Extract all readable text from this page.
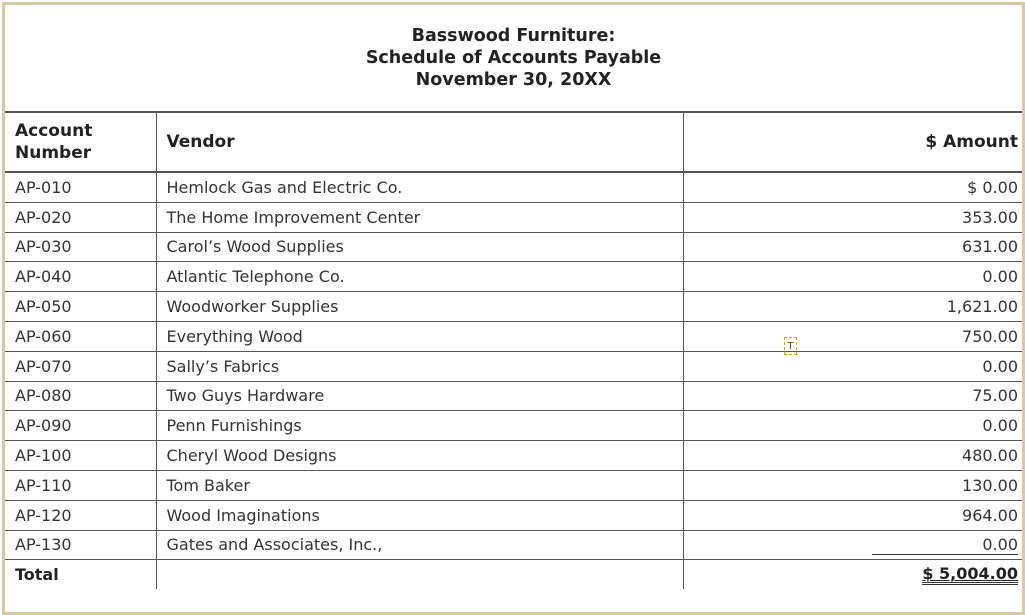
Basswood Furniture:
Schedule of Accounts Payable
November 30, 20XX
Account Number	Vendor	$ Amount
AP-010	Hemlock Gas and Electric Co.	$ 0.00
AP-020	The Home Improvement Center	353.00
AP-030	Carol’s Wood Supplies	631.00
AP-040	Atlantic Telephone Co.	0.00
AP-050	Woodworker Supplies	1,621.00
AP-060	Everything Wood	750.00
AP-070	Sally’s Fabrics	0.00
AP-080	Two Guys Hardware	75.00
AP-090	Penn Furnishings	0.00
AP-100	Cheryl Wood Designs	480.00
AP-110	Tom Baker	130.00
AP-120	Wood Imaginations	964.00
AP-130	Gates and Associates, Inc.,	0.00
Total		$ 5,004.00
T
